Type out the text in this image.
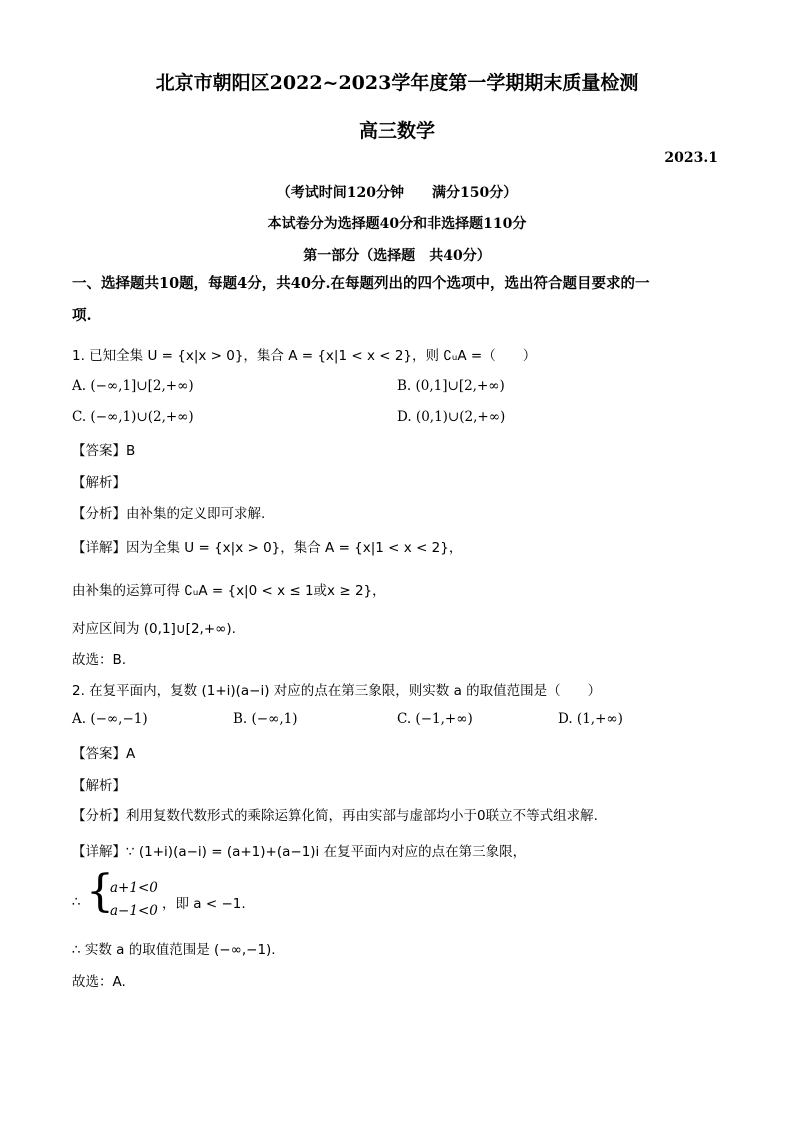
北京市朝阳区2022~2023学年度第一学期期末质量检测
高三数学
2023.1
（考试时间120分钟　　满分150分）
本试卷分为选择题40分和非选择题110分
第一部分（选择题　共40分）
一、选择题共10题，每题4分，共40分.在每题列出的四个选项中，选出符合题目要求的一
项.
1. 已知全集 U = {x|x > 0}，集合 A = {x|1 < x < 2}，则 ∁ᵤA =（　　）
A. (−∞,1]∪[2,+∞)	B. (0,1]∪[2,+∞)
C. (−∞,1)∪(2,+∞)	D. (0,1)∪(2,+∞)
【答案】B
【解析】
【分析】由补集的定义即可求解.
【详解】因为全集 U = {x|x > 0}，集合 A = {x|1 < x < 2}，
由补集的运算可得 ∁ᵤA = {x|0 < x ≤ 1或x ≥ 2}，
对应区间为 (0,1]∪[2,+∞).
故选：B.
2. 在复平面内，复数 (1+i)(a−i) 对应的点在第三象限，则实数 a 的取值范围是（　　）
A. (−∞,−1)	B. (−∞,1)	C. (−1,+∞)	D. (1,+∞)
【答案】A
【解析】
【分析】利用复数代数形式的乘除运算化简，再由实部与虚部均小于0联立不等式组求解.
【详解】∵ (1+i)(a−i) = (a+1)+(a−1)i 在复平面内对应的点在第三象限，
∴ {
a+1<0
a−1<0 ，即 a < −1.
∴ 实数 a 的取值范围是 (−∞,−1).
故选：A.
